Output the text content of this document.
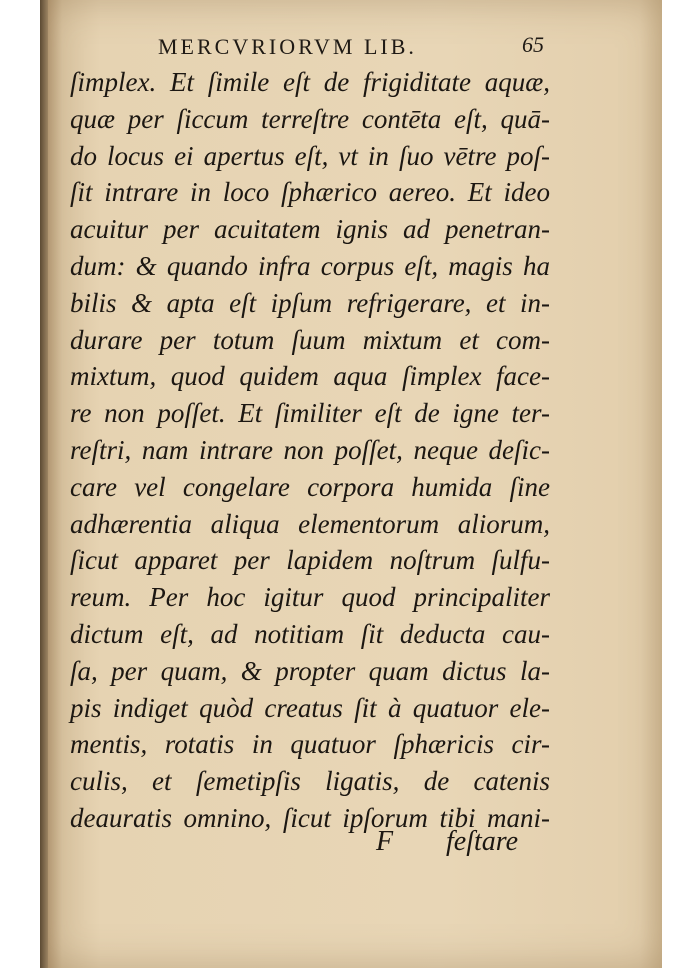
MERCVRIORVM LIB.	65
ſimplex. Et ſimile eſt de frigiditate aquæ,
quæ per ſiccum terreſtre contēta eſt, quā-
do locus ei apertus eſt, vt in ſuo vētre poſ-
ſit intrare in loco ſphærico aereo. Et ideo
acuitur per acuitatem ignis ad penetran-
dum: & quando infra corpus eſt, magis ha
bilis & apta eſt ipſum refrigerare, et in-
durare per totum ſuum mixtum et com-
mixtum, quod quidem aqua ſimplex face-
re non poſſet. Et ſimiliter eſt de igne ter-
reſtri, nam intrare non poſſet, neque deſic-
care vel congelare corpora humida ſine
adhærentia aliqua elementorum aliorum,
ſicut apparet per lapidem noſtrum ſulfu-
reum. Per hoc igitur quod principaliter
dictum eſt, ad notitiam ſit deducta cau-
ſa, per quam, & propter quam dictus la-
pis indiget quòd creatus ſit à quatuor ele-
mentis, rotatis in quatuor ſphæricis cir-
culis, et ſemetipſis ligatis, de catenis
deauratis omnino, ſicut ipſorum tibi mani-
F feſtare
